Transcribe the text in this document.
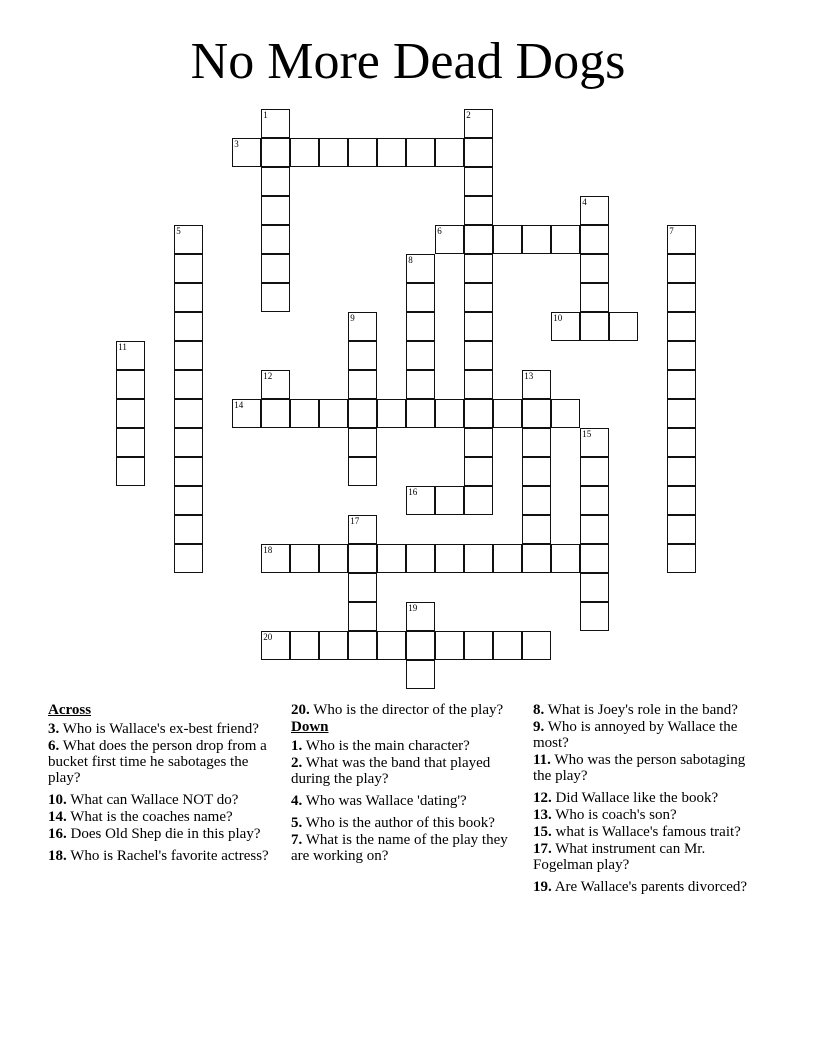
No More Dead Dogs
1	2
3
4
5	6	7
8
9	10
11
12	13
14
15
16
17
18
19
20
Across
3. Who is Wallace's ex-best friend?
6. What does the person drop from a bucket first time he sabotages the play?
10. What can Wallace NOT do?
14. What is the coaches name?
16. Does Old Shep die in this play?
18. Who is Rachel's favorite actress?
20. Who is the director of the play?
Down
1. Who is the main character?
2. What was the band that played during the play?
4. Who was Wallace 'dating'?
5. Who is the author of this book?
7. What is the name of the play they are working on?
8. What is Joey's role in the band?
9. Who is annoyed by Wallace the most?
11. Who was the person sabotaging the play?
12. Did Wallace like the book?
13. Who is coach's son?
15. what is Wallace's famous trait?
17. What instrument can Mr. Fogelman play?
19. Are Wallace's parents divorced?
